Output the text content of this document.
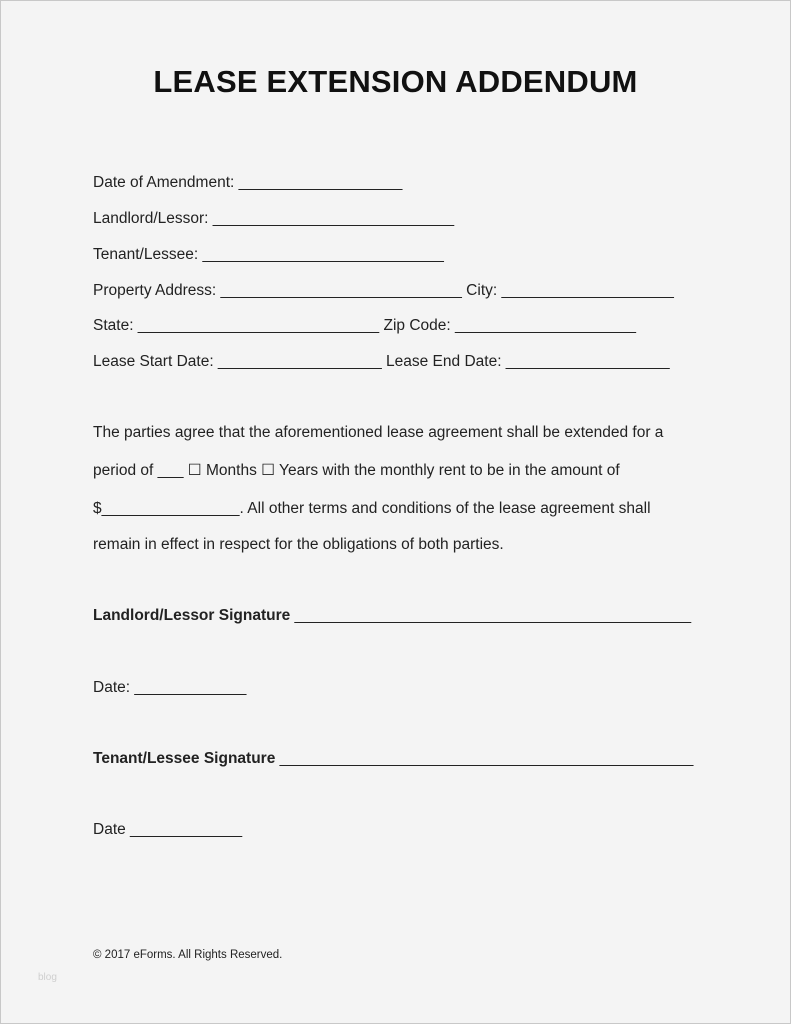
LEASE EXTENSION ADDENDUM
Date of Amendment: ___________________
Landlord/Lessor: ____________________________
Tenant/Lessee: ____________________________
Property Address: ____________________________ City: ____________________
State: ____________________________ Zip Code: _____________________
Lease Start Date: ___________________ Lease End Date: ___________________
The parties agree that the aforementioned lease agreement shall be extended for a
period of ___ ☐ Months ☐ Years with the monthly rent to be in the amount of
$________________. All other terms and conditions of the lease agreement shall
remain in effect in respect for the obligations of both parties.
Landlord/Lessor Signature ______________________________________________
Date: _____________
Tenant/Lessee Signature ________________________________________________
Date _____________
© 2017 eForms. All Rights Reserved.
blog
